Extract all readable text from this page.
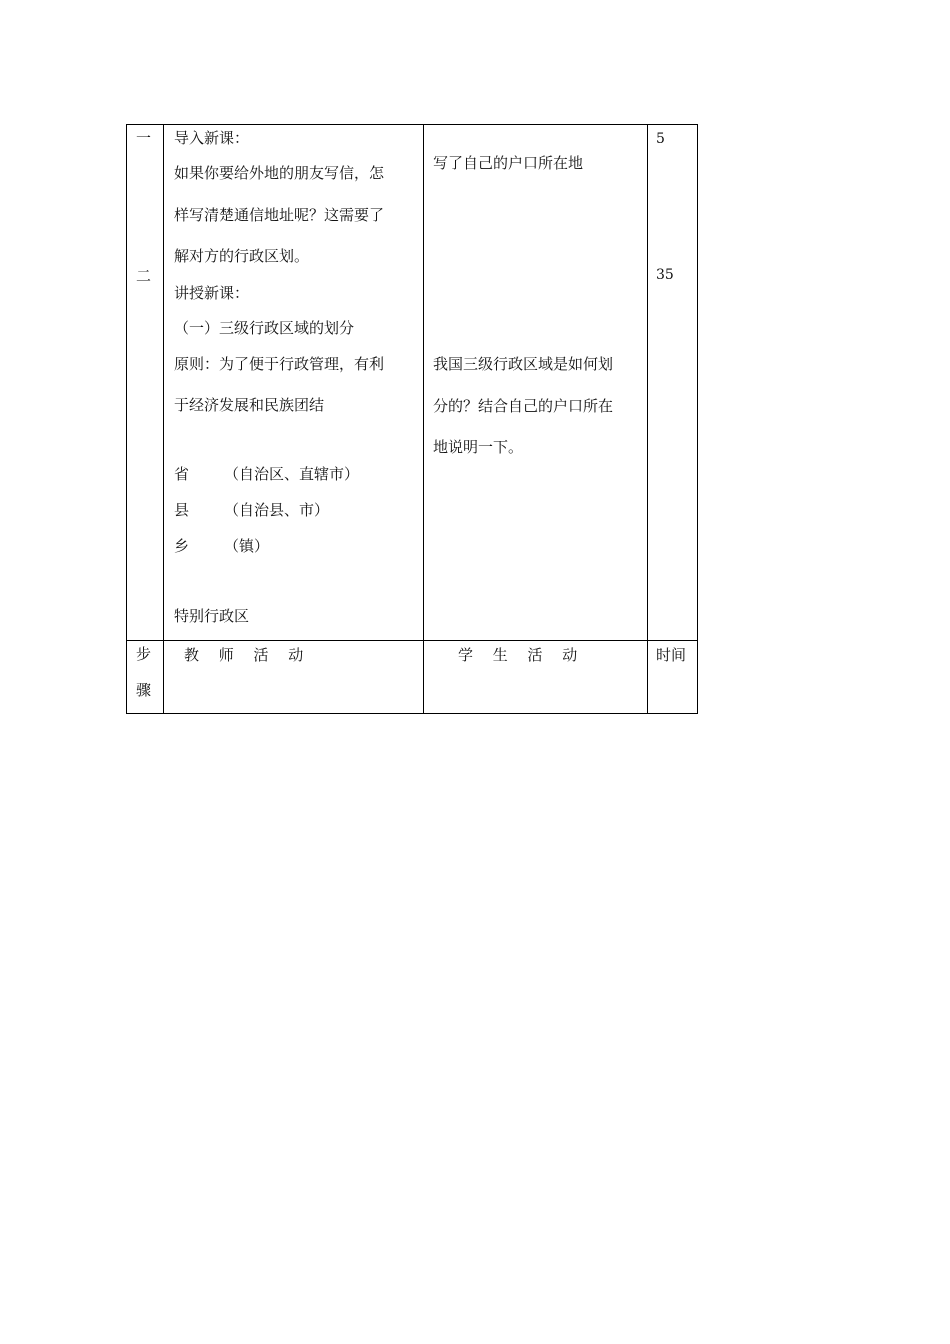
一
二
导入新课：
如果你要给外地的朋友写信，怎
样写清楚通信地址呢？这需要了
解对方的行政区划。
讲授新课：
（一）三级行政区域的划分
原则：为了便于行政管理，有利
于经济发展和民族团结
省 （自治区、直辖市）
县 （自治县、市）
乡 （镇）
特别行政区
写了自己的户口所在地
我国三级行政区域是如何划
分的？结合自己的户口所在
地说明一下。
5
35
步
骤
教　 师　 活　 动	学　 生　 活　 动	时间
